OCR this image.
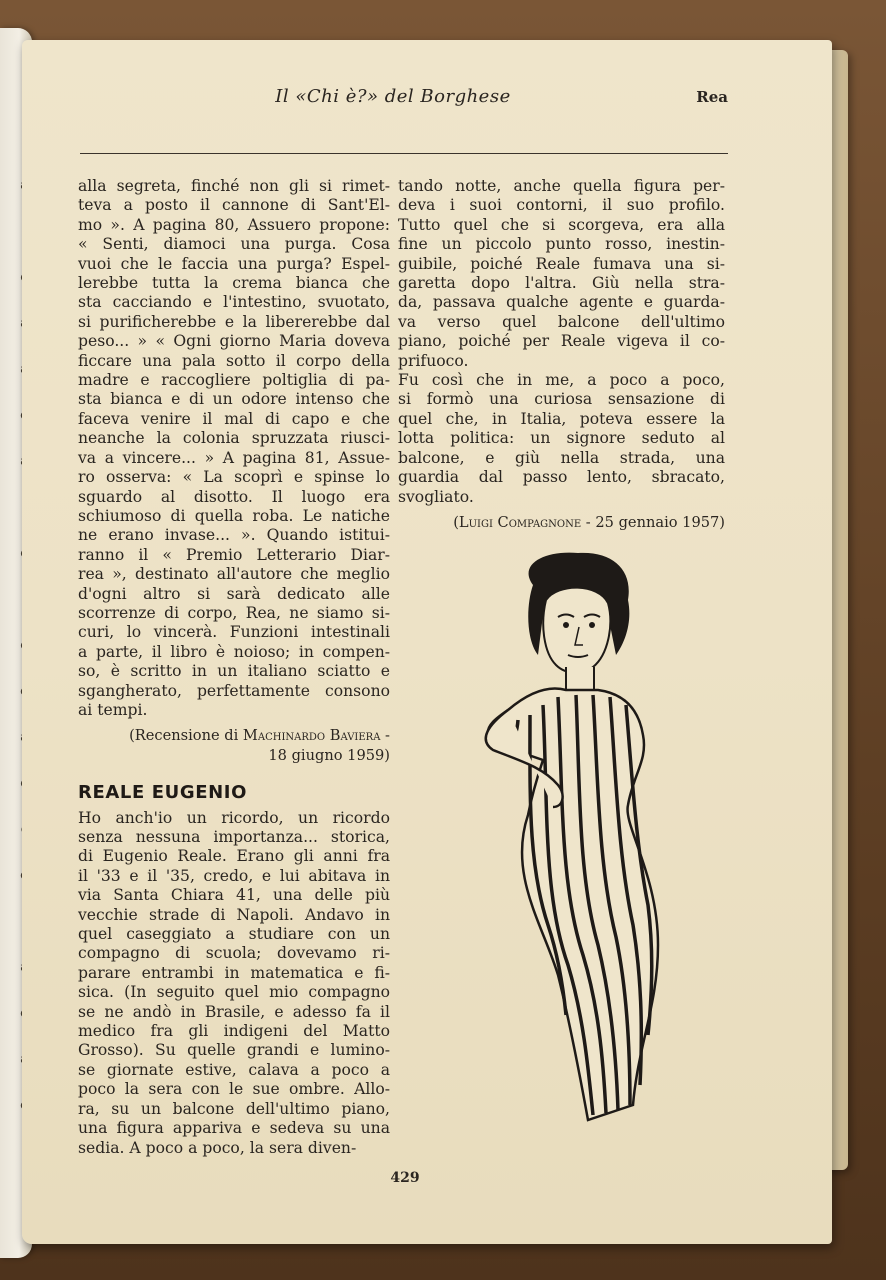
Il «Chi è?» del Borghese	Rea
alla segreta, finché non gli si rimet-
teva a posto il cannone di Sant'El-
mo ». A pagina 80, Assuero propone:
« Senti, diamoci una purga. Cosa
vuoi che le faccia una purga? Espel-
lerebbe tutta la crema bianca che
sta cacciando e l'intestino, svuotato,
si purificherebbe e la libererebbe dal
peso... » « Ogni giorno Maria doveva
ficcare una pala sotto il corpo della
madre e raccogliere poltiglia di pa-
sta bianca e di un odore intenso che
faceva venire il mal di capo e che
neanche la colonia spruzzata riusci-
va a vincere... » A pagina 81, Assue-
ro osserva: « La scoprì e spinse lo
sguardo al disotto. Il luogo era
schiumoso di quella roba. Le natiche
ne erano invase... ». Quando istitui-
ranno il « Premio Letterario Diar-
rea », destinato all'autore che meglio
d'ogni altro si sarà dedicato alle
scorrenze di corpo, Rea, ne siamo si-
curi, lo vincerà. Funzioni intestinali
a parte, il libro è noioso; in compen-
so, è scritto in un italiano sciatto e
sgangherato, perfettamente consono
ai tempi.
(Recensione di Machinardo Baviera -
18 giugno 1959)
REALE EUGENIO
Ho anch'io un ricordo, un ricordo
senza nessuna importanza... storica,
di Eugenio Reale. Erano gli anni fra
il '33 e il '35, credo, e lui abitava in
via Santa Chiara 41, una delle più
vecchie strade di Napoli. Andavo in
quel caseggiato a studiare con un
compagno di scuola; dovevamo ri-
parare entrambi in matematica e fi-
sica. (In seguito quel mio compagno
se ne andò in Brasile, e adesso fa il
medico fra gli indigeni del Matto
Grosso). Su quelle grandi e lumino-
se giornate estive, calava a poco a
poco la sera con le sue ombre. Allo-
ra, su un balcone dell'ultimo piano,
una figura appariva e sedeva su una
sedia. A poco a poco, la sera diven-
tando notte, anche quella figura per-
deva i suoi contorni, il suo profilo.
Tutto quel che si scorgeva, era alla
fine un piccolo punto rosso, inestin-
guibile, poiché Reale fumava una si-
garetta dopo l'altra. Giù nella stra-
da, passava qualche agente e guarda-
va verso quel balcone dell'ultimo
piano, poiché per Reale vigeva il co-
prifuoco.
Fu così che in me, a poco a poco,
si formò una curiosa sensazione di
quel che, in Italia, poteva essere la
lotta politica: un signore seduto al
balcone, e giù nella strada, una
guardia dal passo lento, sbracato,
svogliato.
(Luigi Compagnone - 25 gennaio 1957)
429
